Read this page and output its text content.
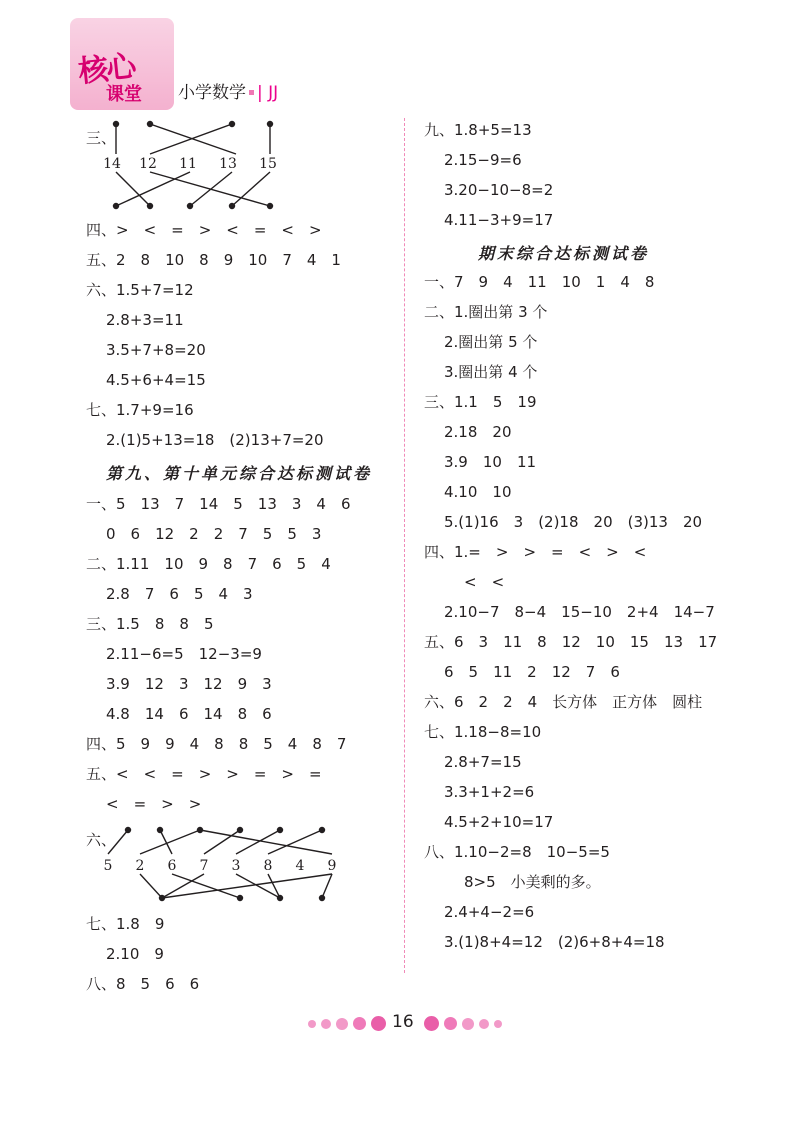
核心
课堂 小学数学 | JJ
三、
14 12 11 13 15
四、>　<　=　>　<　=　<　>
五、2　8　10　8　9　10　7　4　1
六、1.5+7=12
2.8+3=11
3.5+7+8=20
4.5+6+4=15
七、1.7+9=16
2.(1)5+13=18　(2)13+7=20
第九、第十单元综合达标测试卷
一、5　13　7　14　5　13　3　4　6
0　6　12　2　2　7　5　5　3
二、1.11　10　9　8　7　6　5　4
2.8　7　6　5　4　3
三、1.5　8　8　5
2.11−6=5　12−3=9
3.9　12　3　12　9　3
4.8　14　6　14　8　6
四、5　9　9　4　8　8　5　4　8　7
五、<　<　=　>　>　=　>　=
<　=　>　>
六、
5 2 6 7 3 8 4 9
七、1.8　9
2.10　9
八、8　5　6　6
九、1.8+5=13
2.15−9=6
3.20−10−8=2
4.11−3+9=17
期末综合达标测试卷
一、7　9　4　11　10　1　4　8
二、1.圈出第 3 个
2.圈出第 5 个
3.圈出第 4 个
三、1.1　5　19
2.18　20
3.9　10　11
4.10　10
5.(1)16　3　(2)18　20　(3)13　20
四、1.=　>　>　=　<　>　<
<　<
2.10−7　8−4　15−10　2+4　14−7
五、6　3　11　8　12　10　15　13　17
6　5　11　2　12　7　6
六、6　2　2　4　长方体　正方体　圆柱
七、1.18−8=10
2.8+7=15
3.3+1+2=6
4.5+2+10=17
八、1.10−2=8　10−5=5
8>5　小美剩的多。
2.4+4−2=6
3.(1)8+4=12　(2)6+8+4=18
16
